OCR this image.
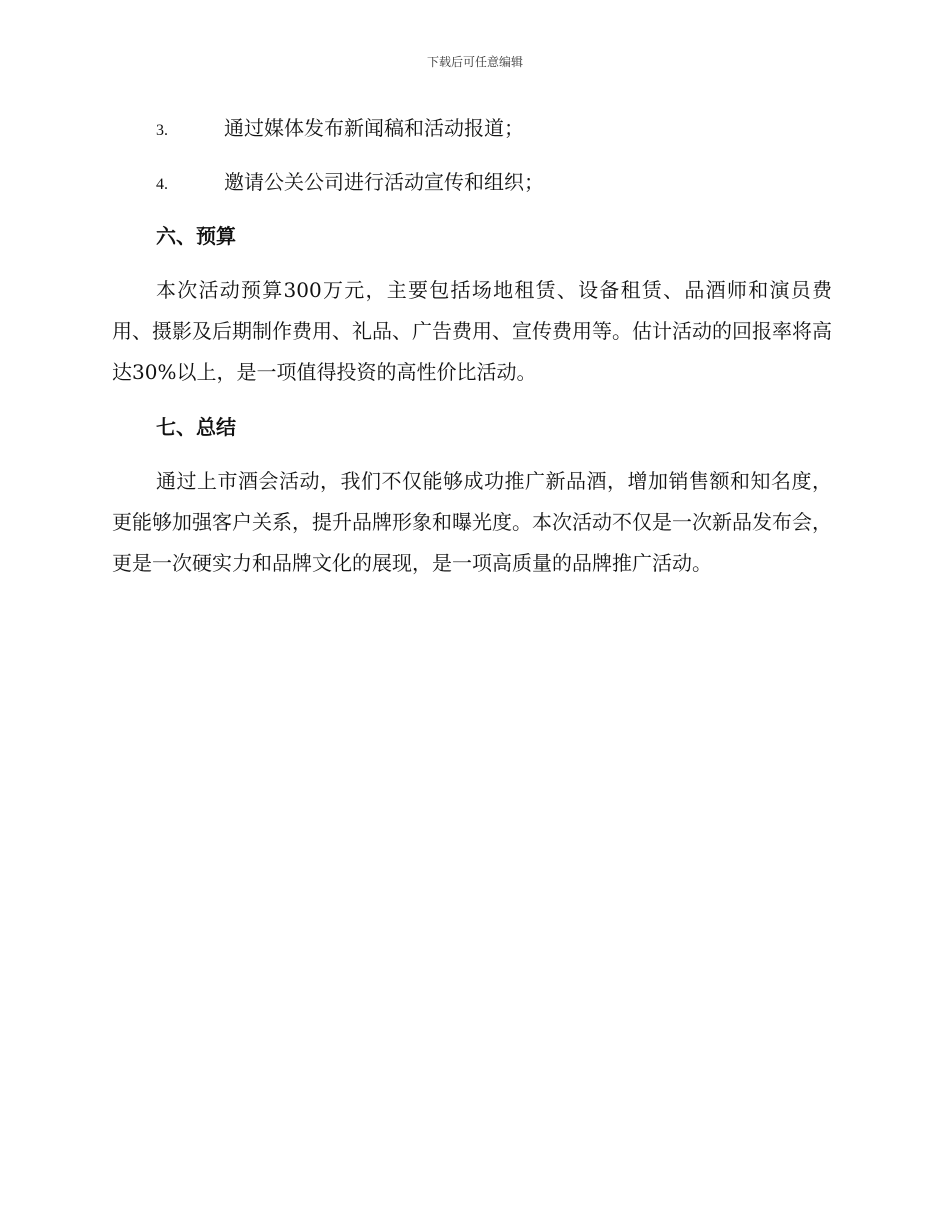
下载后可任意编辑
3.	通过媒体发布新闻稿和活动报道；
4.	邀请公关公司进行活动宣传和组织；
六、预算

本次活动预算300万元，主要包括场地租赁、设备租赁、品酒师和演员费用、摄影及后期制作费用、礼品、广告费用、宣传费用等。估计活动的回报率将高达30%以上，是一项值得投资的高性价比活动。

七、总结

通过上市酒会活动，我们不仅能够成功推广新品酒，增加销售额和知名度，更能够加强客户关系，提升品牌形象和曝光度。本次活动不仅是一次新品发布会，更是一次硬实力和品牌文化的展现，是一项高质量的品牌推广活动。
